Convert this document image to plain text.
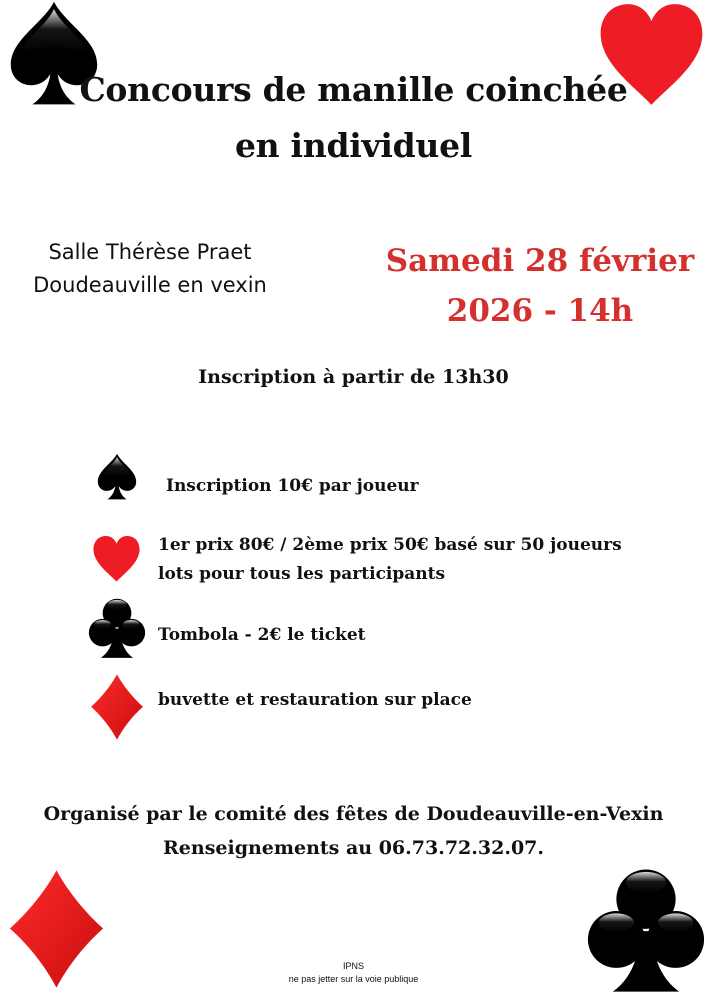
Concours de manille coinchée
en individuel
Salle Thérèse Praet
Doudeauville en vexin
Samedi 28 février
2026 - 14h
Inscription à partir de 13h30
Inscription 10€ par joueur
1er prix 80€ / 2ème prix 50€ basé sur 50 joueurs
lots pour tous les participants
Tombola - 2€ le ticket
buvette et restauration sur place
Organisé par le comité des fêtes de Doudeauville-en-Vexin
Renseignements au 06.73.72.32.07.
IPNS
ne pas jetter sur la voie publique
